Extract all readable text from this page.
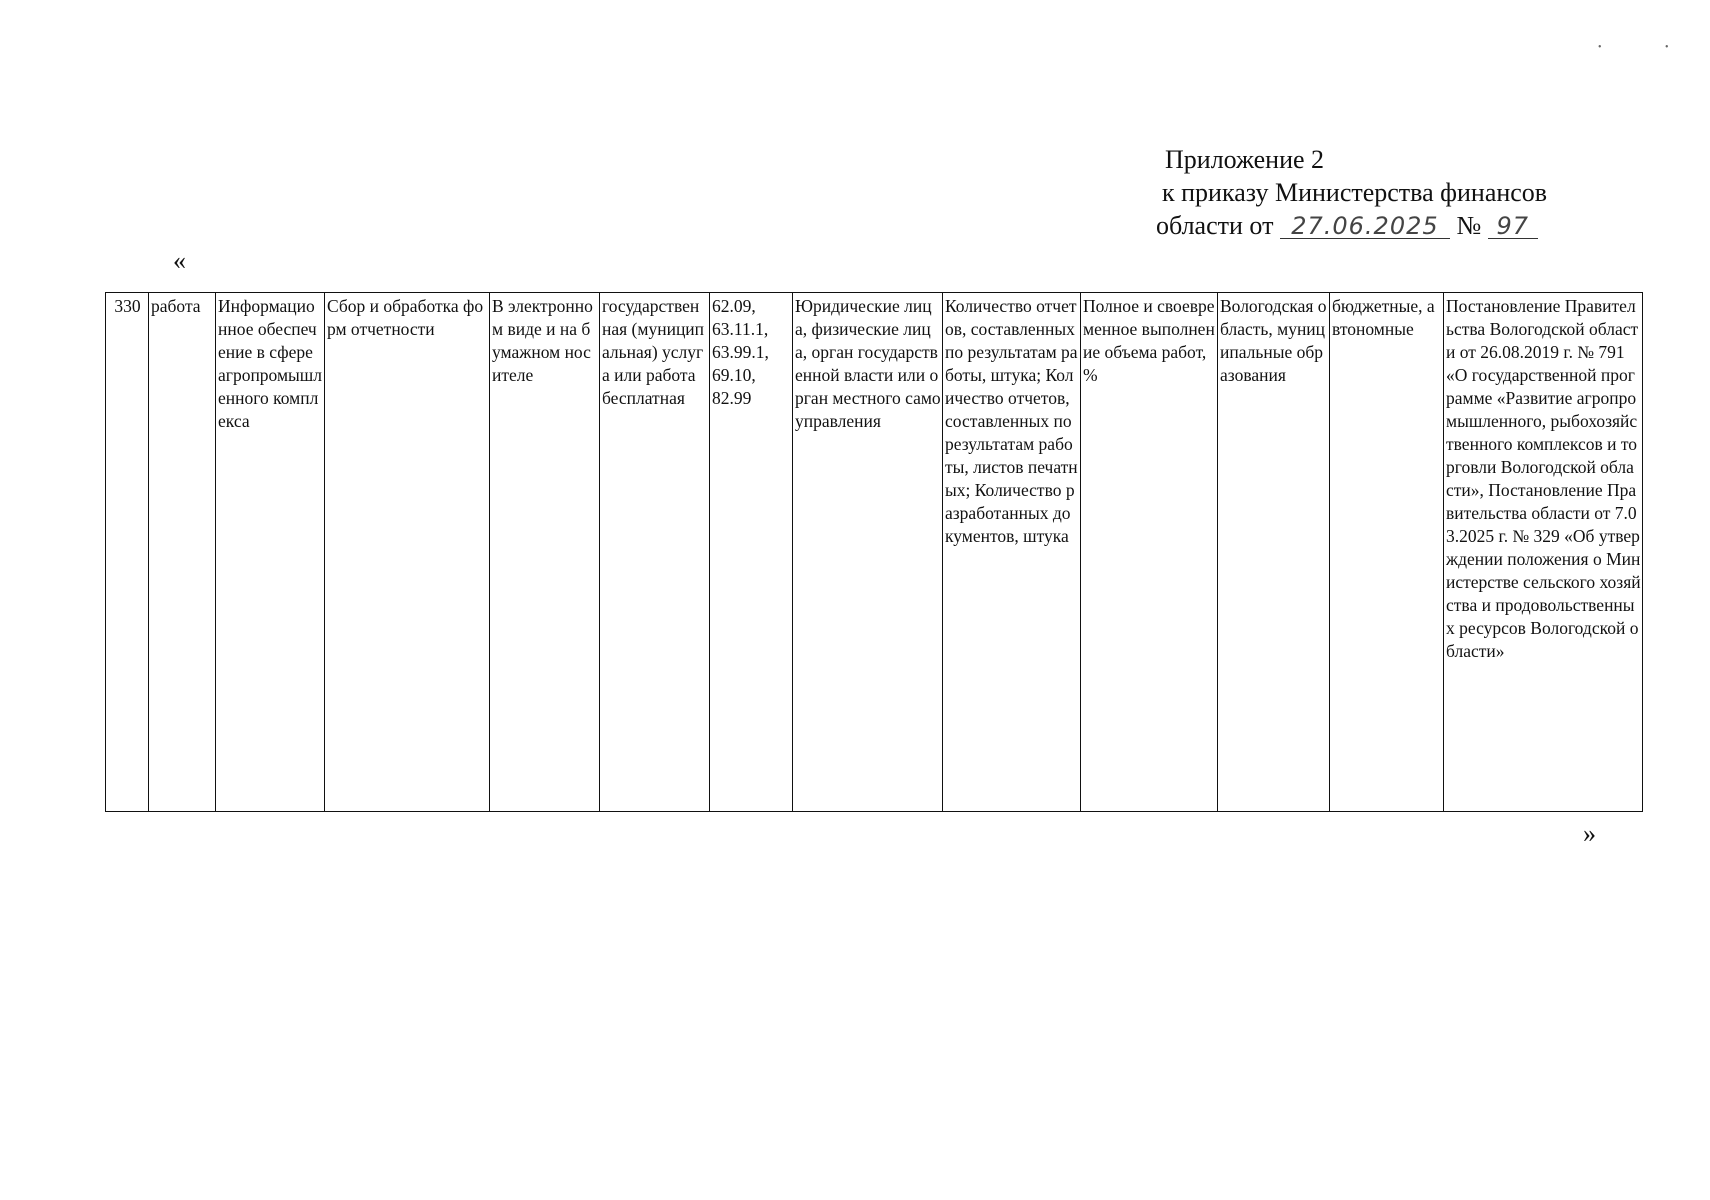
•	•
Приложение 2
к приказу Министерства финансов
области от 27.06.2025 № 97
«
330	работа	Информационное обеспечение в сфере агропромышленного комплекса	Сбор и обработка форм отчетности	В электронном виде и на бумажном носителе	государственная (муниципальная) услуга или работа бесплатная	62.09,
63.11.1,
63.99.1,
69.10,
82.99	Юридические лица, физические лица, орган государственной власти или орган местного самоуправления	Количество отчетов, составленных по результатам работы, штука; Количество отчетов, составленных по результатам работы, листов печатных; Количество разработанных документов, штука	Полное и своевременное выполнение объема работ, %	Вологодская область, муниципальные образования	бюджетные, автономные	Постановление Правительства Вологодской области от 26.08.2019 г. № 791 «О государственной программе «Развитие агропромышленного, рыбохозяйственного комплексов и торговли Вологодской области», Постановление Правительства области от 7.03.2025 г. № 329 «Об утверждении положения о Министерстве сельского хозяйства и продовольственных ресурсов Вологодской области»
»
